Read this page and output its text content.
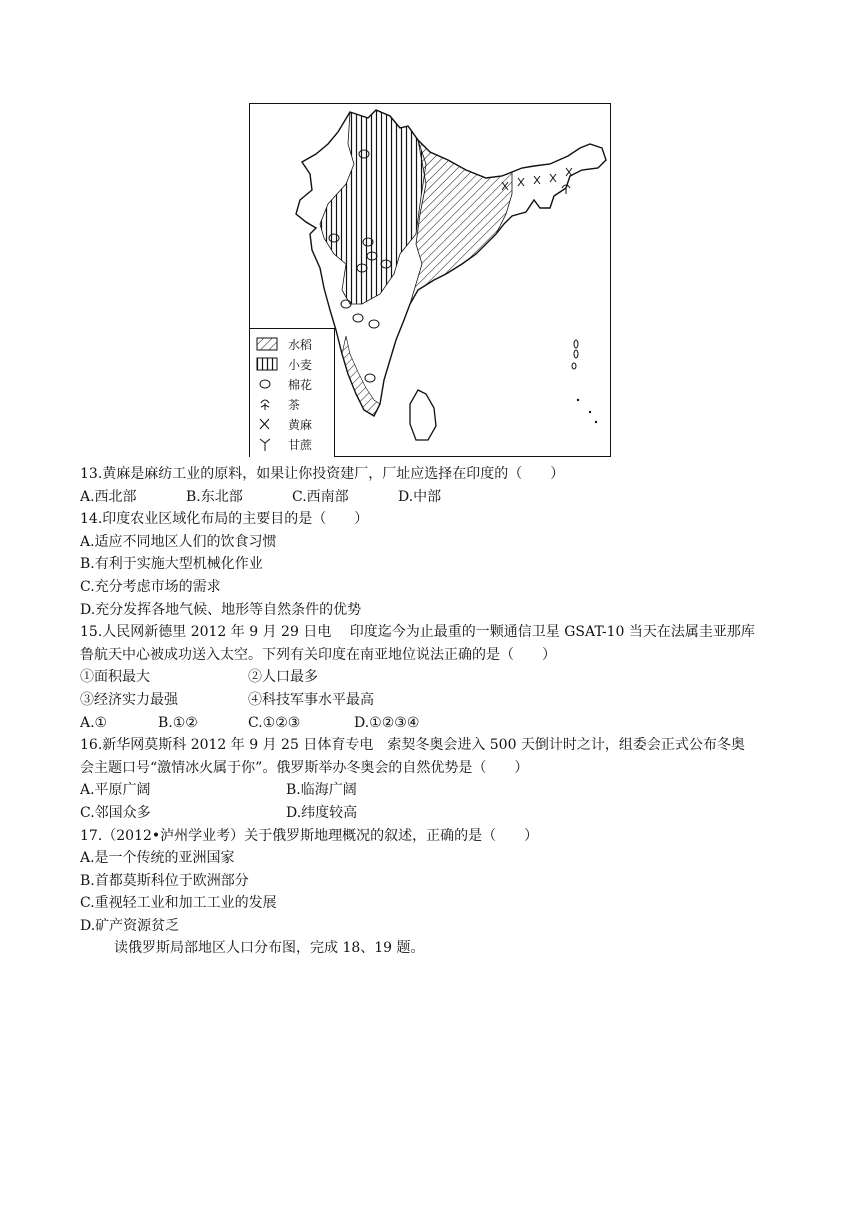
水稻
小麦
棉花
茶
黄麻
甘蔗
13.黄麻是麻纺工业的原料，如果让你投资建厂，厂址应选择在印度的（　　）
A.西北部	B.东北部	C.西南部	D.中部
14.印度农业区域化布局的主要目的是（　　）
A.适应不同地区人们的饮食习惯
B.有利于实施大型机械化作业
C.充分考虑市场的需求
D.充分发挥各地气候、地形等自然条件的优势
15.人民网新德里 2012 年 9 月 29 日电　 印度迄今为止最重的一颗通信卫星 GSAT-10 当天在法属圭亚那库
鲁航天中心被成功送入太空。下列有关印度在南亚地位说法正确的是（　　）
①面积最大	②人口最多
③经济实力最强	④科技军事水平最高
A.①	B.①②	C.①②③	D.①②③④
16.新华网莫斯科 2012 年 9 月 25 日体育专电　索契冬奥会进入 500 天倒计时之计，组委会正式公布冬奥
会主题口号“激情冰火属于你”。俄罗斯举办冬奥会的自然优势是（　　）
A.平原广阔	B.临海广阔
C.邻国众多	D.纬度较高
17.（2012•泸州学业考）关于俄罗斯地理概况的叙述，正确的是（　　）
A.是一个传统的亚洲国家
B.首都莫斯科位于欧洲部分
C.重视轻工业和加工工业的发展
D.矿产资源贫乏
读俄罗斯局部地区人口分布图，完成 18、19 题。
